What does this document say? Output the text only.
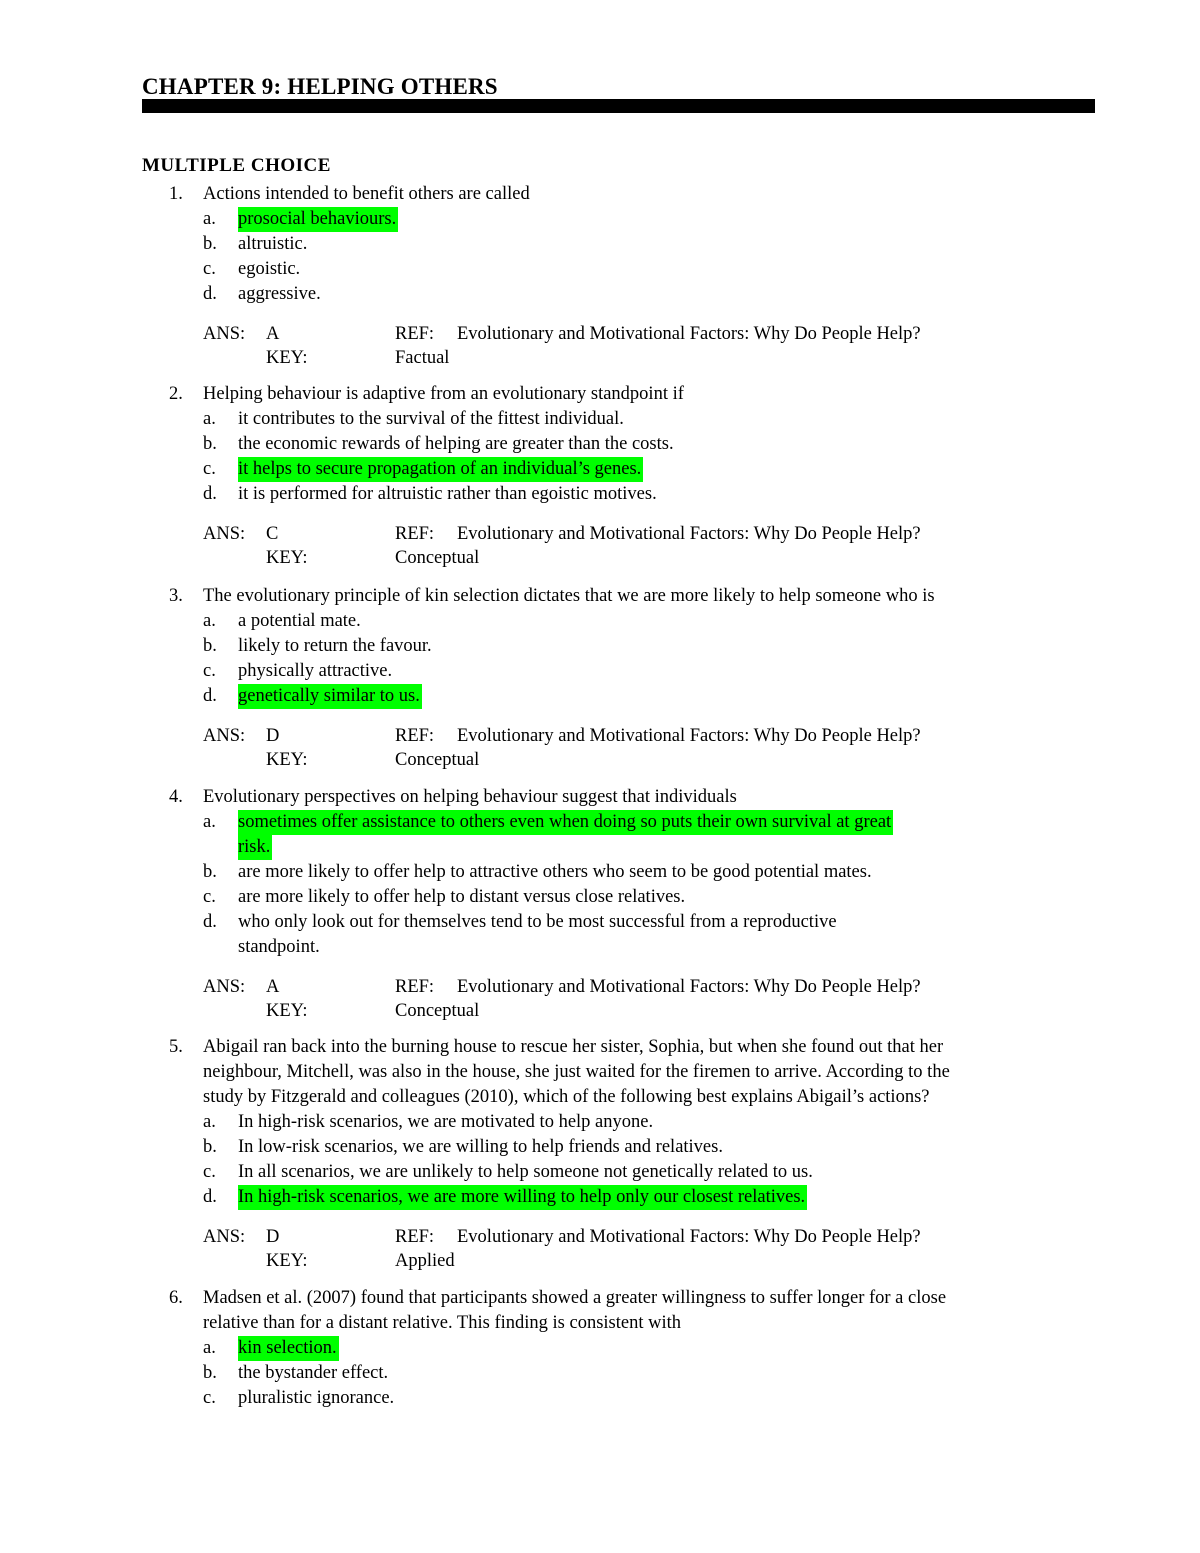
CHAPTER 9: HELPING OTHERS
MULTIPLE CHOICE
1. Actions intended to benefit others are called
a. prosocial behaviours.
b. altruistic.
c. egoistic.
d. aggressive.
ANS: A	REF: Evolutionary and Motivational Factors: Why Do People Help?
KEY:	Factual
2. Helping behaviour is adaptive from an evolutionary standpoint if
a. it contributes to the survival of the fittest individual.
b. the economic rewards of helping are greater than the costs.
c. it helps to secure propagation of an individual’s genes.
d. it is performed for altruistic rather than egoistic motives.
ANS: C	REF: Evolutionary and Motivational Factors: Why Do People Help?
KEY:	Conceptual
3. The evolutionary principle of kin selection dictates that we are more likely to help someone who is
a. a potential mate.
b. likely to return the favour.
c. physically attractive.
d. genetically similar to us.
ANS: D	REF: Evolutionary and Motivational Factors: Why Do People Help?
KEY:	Conceptual
4. Evolutionary perspectives on helping behaviour suggest that individuals
a. sometimes offer assistance to others even when doing so puts their own survival at great
risk.
b. are more likely to offer help to attractive others who seem to be good potential mates.
c. are more likely to offer help to distant versus close relatives.
d. who only look out for themselves tend to be most successful from a reproductive
standpoint.
ANS: A	REF: Evolutionary and Motivational Factors: Why Do People Help?
KEY:	Conceptual
5. Abigail ran back into the burning house to rescue her sister, Sophia, but when she found out that her
neighbour, Mitchell, was also in the house, she just waited for the firemen to arrive. According to the
study by Fitzgerald and colleagues (2010), which of the following best explains Abigail’s actions?
a. In high-risk scenarios, we are motivated to help anyone.
b. In low-risk scenarios, we are willing to help friends and relatives.
c. In all scenarios, we are unlikely to help someone not genetically related to us.
d. In high-risk scenarios, we are more willing to help only our closest relatives.
ANS: D	REF: Evolutionary and Motivational Factors: Why Do People Help?
KEY:	Applied
6. Madsen et al. (2007) found that participants showed a greater willingness to suffer longer for a close
relative than for a distant relative. This finding is consistent with
a. kin selection.
b. the bystander effect.
c. pluralistic ignorance.
